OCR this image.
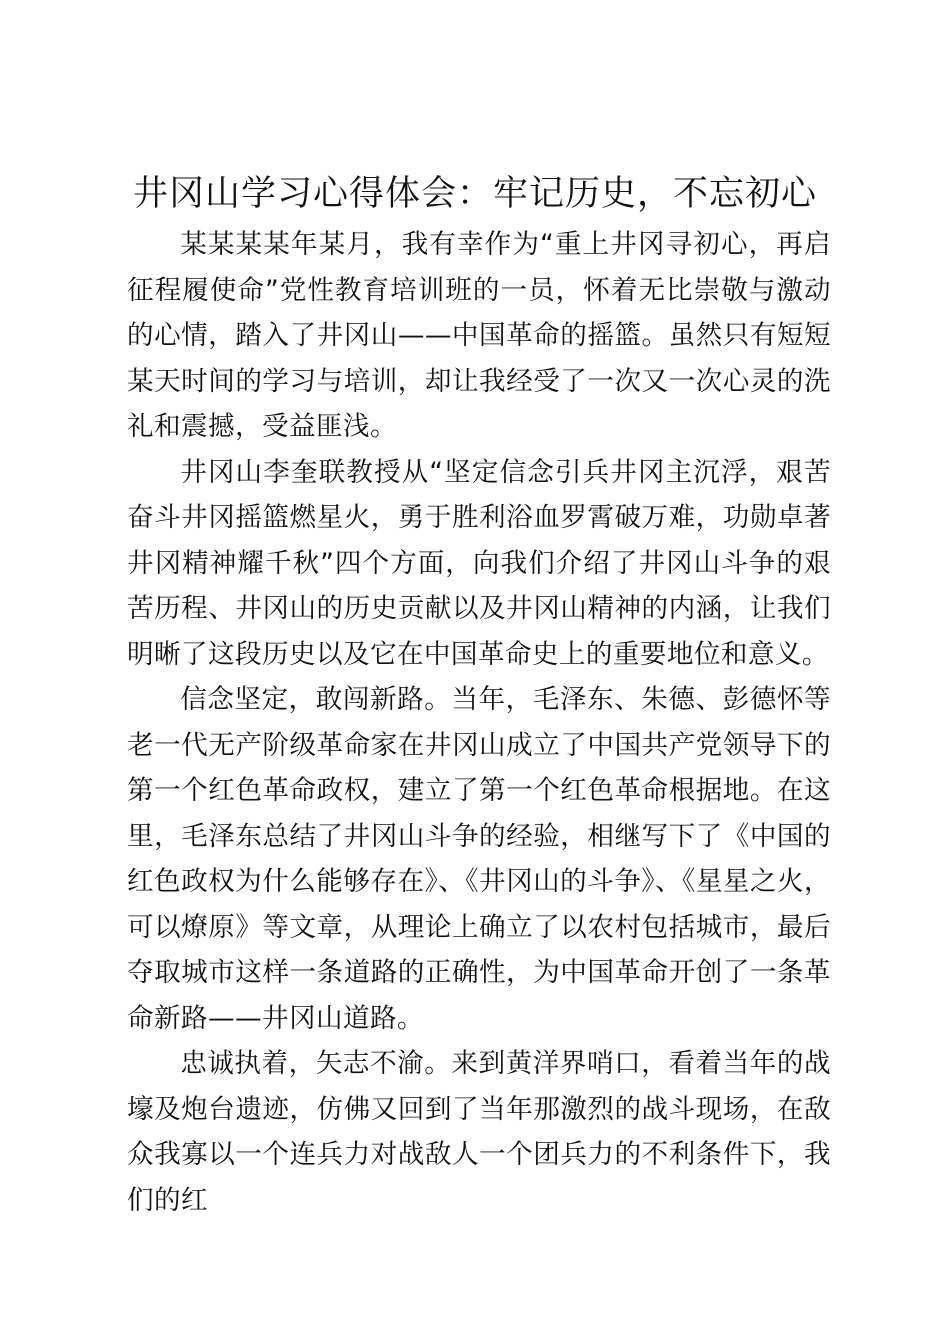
井冈山学习心得体会：牢记历史，不忘初心

某某某某年某月，我有幸作为“重上井冈寻初心，再启征程履使命”党性教育培训班的一员，怀着无比崇敬与激动的心情，踏入了井冈山——中国革命的摇篮。虽然只有短短某天时间的学习与培训，却让我经受了一次又一次心灵的洗礼和震撼，受益匪浅。

井冈山李奎联教授从“坚定信念引兵井冈主沉浮，艰苦奋斗井冈摇篮燃星火，勇于胜利浴血罗霄破万难，功勋卓著井冈精神耀千秋”四个方面，向我们介绍了井冈山斗争的艰苦历程、井冈山的历史贡献以及井冈山精神的内涵，让我们明晰了这段历史以及它在中国革命史上的重要地位和意义。

信念坚定，敢闯新路。当年，毛泽东、朱德、彭德怀等老一代无产阶级革命家在井冈山成立了中国共产党领导下的第一个红色革命政权，建立了第一个红色革命根据地。在这里，毛泽东总结了井冈山斗争的经验，相继写下了《中国的红色政权为什么能够存在》、《井冈山的斗争》、《星星之火，可以燎原》等文章，从理论上确立了以农村包括城市，最后夺取城市这样一条道路的正确性，为中国革命开创了一条革命新路——井冈山道路。

忠诚执着，矢志不渝。来到黄洋界哨口，看着当年的战壕及炮台遗迹，仿佛又回到了当年那激烈的战斗现场，在敌众我寡以一个连兵力对战敌人一个团兵力的不利条件下，我们的红
